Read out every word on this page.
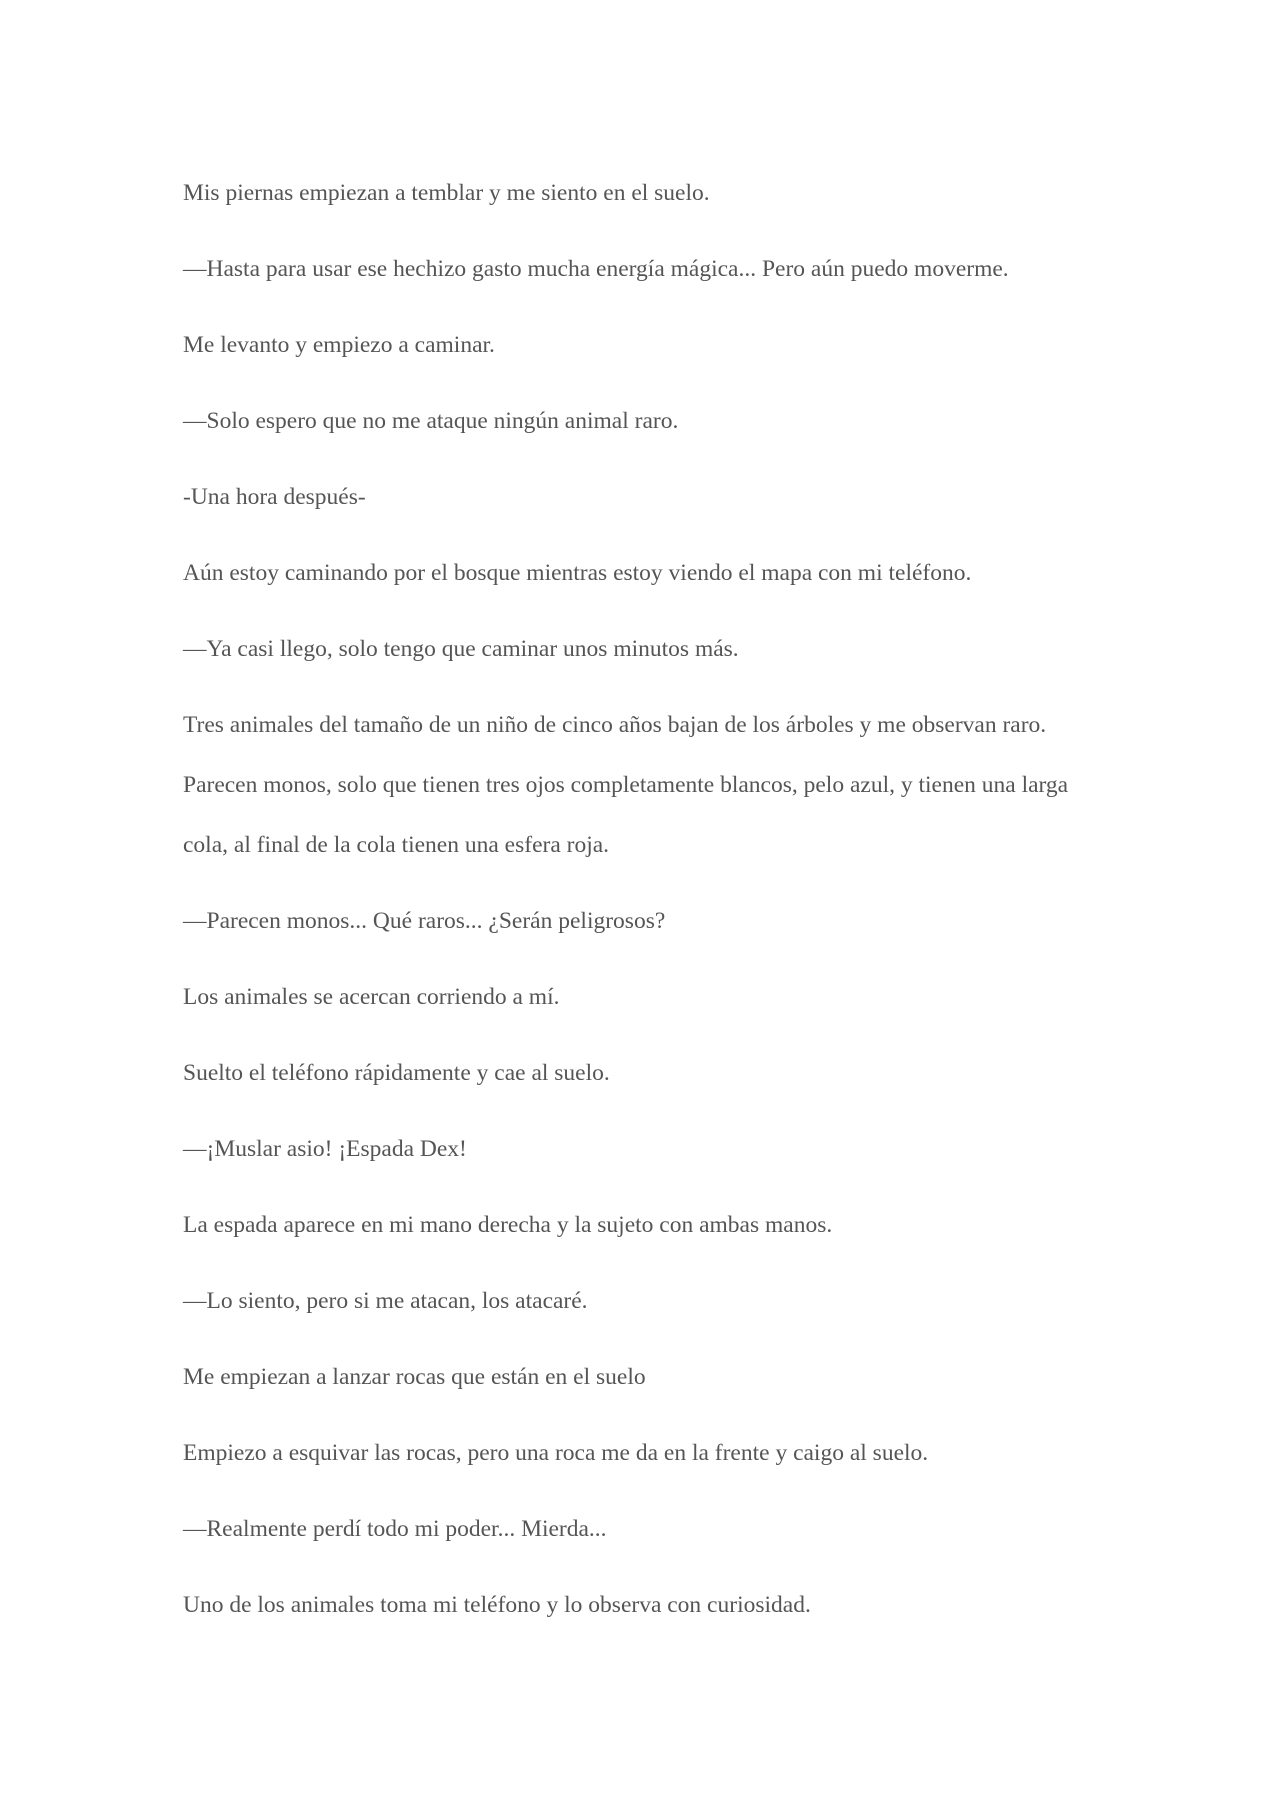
Mis piernas empiezan a temblar y me siento en el suelo.

—Hasta para usar ese hechizo gasto mucha energía mágica... Pero aún puedo moverme.

Me levanto y empiezo a caminar.

—Solo espero que no me ataque ningún animal raro.

-Una hora después-

Aún estoy caminando por el bosque mientras estoy viendo el mapa con mi teléfono.

—Ya casi llego, solo tengo que caminar unos minutos más.

Tres animales del tamaño de un niño de cinco años bajan de los árboles y me observan raro. Parecen monos, solo que tienen tres ojos completamente blancos, pelo azul, y tienen una larga cola, al final de la cola tienen una esfera roja.

—Parecen monos... Qué raros... ¿Serán peligrosos?

Los animales se acercan corriendo a mí.

Suelto el teléfono rápidamente y cae al suelo.

—¡Muslar asio! ¡Espada Dex!

La espada aparece en mi mano derecha y la sujeto con ambas manos.

—Lo siento, pero si me atacan, los atacaré.

Me empiezan a lanzar rocas que están en el suelo

Empiezo a esquivar las rocas, pero una roca me da en la frente y caigo al suelo.

—Realmente perdí todo mi poder... Mierda...

Uno de los animales toma mi teléfono y lo observa con curiosidad.
